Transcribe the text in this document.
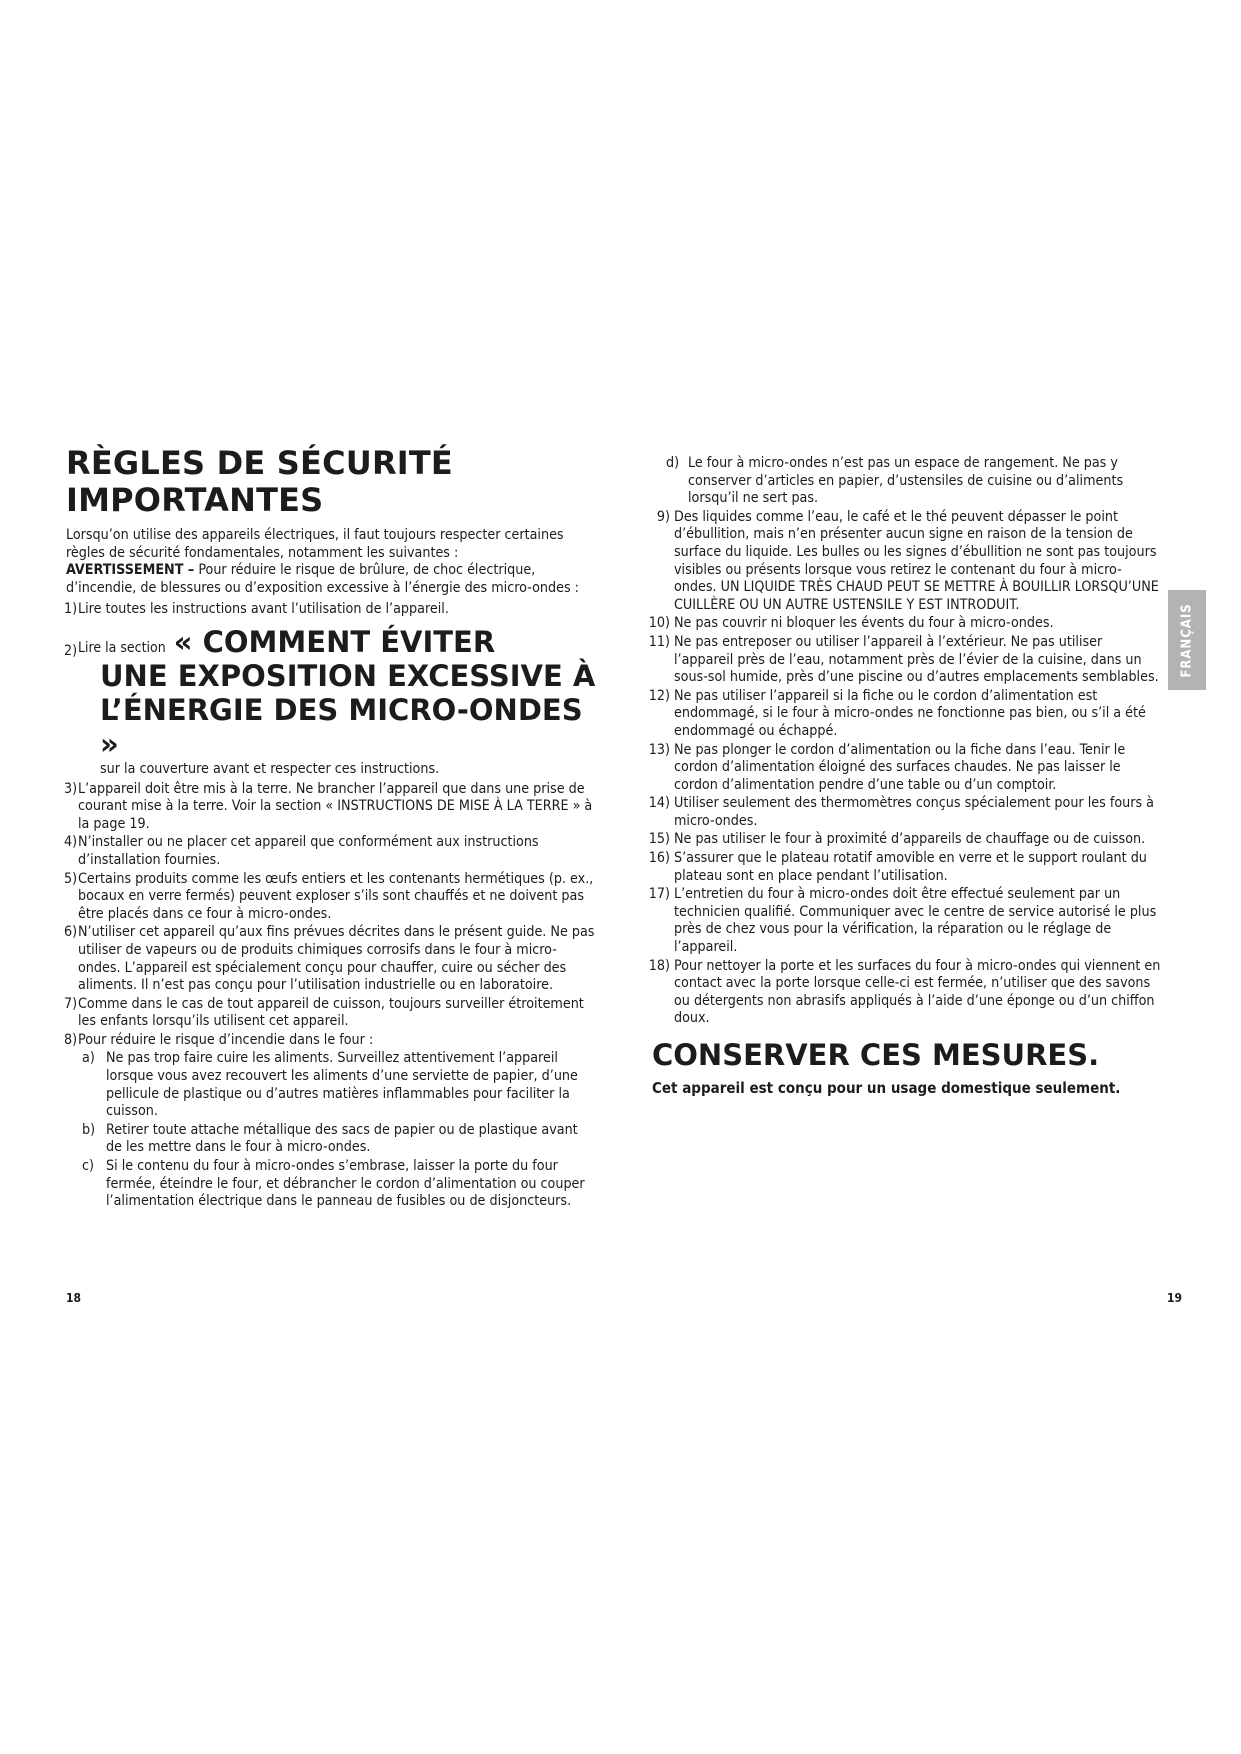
RÈGLES DE SÉCURITÉ
IMPORTANTES

Lorsqu’on utilise des appareils électriques, il faut toujours respecter certaines règles de sécurité fondamentales, notamment les suivantes :
AVERTISSEMENT – Pour réduire le risque de brûlure, de choc électrique, d’incendie, de blessures ou d’exposition excessive à l’énergie des micro-ondes :

1) Lire toutes les instructions avant l’utilisation de l’appareil.
2) Lire la section « COMMENT ÉVITER
UNE EXPOSITION EXCESSIVE À
L’ÉNERGIE DES MICRO-ONDES »
sur la couverture avant et respecter ces instructions.
3) L’appareil doit être mis à la terre. Ne brancher l’appareil que dans une prise de courant mise à la terre. Voir la section « INSTRUCTIONS DE MISE À LA TERRE » à la page 19.
4) N’installer ou ne placer cet appareil que conformément aux instructions d’installation fournies.
5) Certains produits comme les œufs entiers et les contenants hermétiques (p. ex., bocaux en verre fermés) peuvent exploser s’ils sont chauffés et ne doivent pas être placés dans ce four à micro-ondes.
6) N’utiliser cet appareil qu’aux fins prévues décrites dans le présent guide. Ne pas utiliser de vapeurs ou de produits chimiques corrosifs dans le four à micro-ondes. L’appareil est spécialement conçu pour chauffer, cuire ou sécher des aliments. Il n’est pas conçu pour l’utilisation industrielle ou en laboratoire.
7) Comme dans le cas de tout appareil de cuisson, toujours surveiller étroitement les enfants lorsqu’ils utilisent cet appareil.
8) Pour réduire le risque d’incendie dans le four :
a) Ne pas trop faire cuire les aliments. Surveillez attentivement l’appareil lorsque vous avez recouvert les aliments d’une serviette de papier, d’une pellicule de plastique ou d’autres matières inflammables pour faciliter la cuisson.
b) Retirer toute attache métallique des sacs de papier ou de plastique avant de les mettre dans le four à micro-ondes.
c) Si le contenu du four à micro-ondes s’embrase, laisser la porte du four fermée, éteindre le four, et débrancher le cordon d’alimentation ou couper l’alimentation électrique dans le panneau de fusibles ou de disjoncteurs.
d) Le four à micro-ondes n’est pas un espace de rangement. Ne pas y conserver d’articles en papier, d’ustensiles de cuisine ou d’aliments lorsqu’il ne sert pas.
9) Des liquides comme l’eau, le café et le thé peuvent dépasser le point d’ébullition, mais n’en présenter aucun signe en raison de la tension de surface du liquide. Les bulles ou les signes d’ébullition ne sont pas toujours visibles ou présents lorsque vous retirez le contenant du four à micro-ondes. UN LIQUIDE TRÈS CHAUD PEUT SE METTRE À BOUILLIR LORSQU’UNE CUILLÈRE OU UN AUTRE USTENSILE Y EST INTRODUIT.
10) Ne pas couvrir ni bloquer les évents du four à micro-ondes.
11) Ne pas entreposer ou utiliser l’appareil à l’extérieur. Ne pas utiliser l’appareil près de l’eau, notamment près de l’évier de la cuisine, dans un sous-sol humide, près d’une piscine ou d’autres emplacements semblables.
12) Ne pas utiliser l’appareil si la fiche ou le cordon d’alimentation est endommagé, si le four à micro-ondes ne fonctionne pas bien, ou s’il a été endommagé ou échappé.
13) Ne pas plonger le cordon d’alimentation ou la fiche dans l’eau. Tenir le cordon d’alimentation éloigné des surfaces chaudes. Ne pas laisser le cordon d’alimentation pendre d’une table ou d’un comptoir.
14) Utiliser seulement des thermomètres conçus spécialement pour les fours à micro-ondes.
15) Ne pas utiliser le four à proximité d’appareils de chauffage ou de cuisson.
16) S’assurer que le plateau rotatif amovible en verre et le support roulant du plateau sont en place pendant l’utilisation.
17) L’entretien du four à micro-ondes doit être effectué seulement par un technicien qualifié. Communiquer avec le centre de service autorisé le plus près de chez vous pour la vérification, la réparation ou le réglage de l’appareil.
18) Pour nettoyer la porte et les surfaces du four à micro-ondes qui viennent en contact avec la porte lorsque celle-ci est fermée, n’utiliser que des savons ou détergents non abrasifs appliqués à l’aide d’une éponge ou d’un chiffon doux.
CONSERVER CES MESURES.

Cet appareil est conçu pour un usage domestique seulement.

FRANÇAIS
18	19
